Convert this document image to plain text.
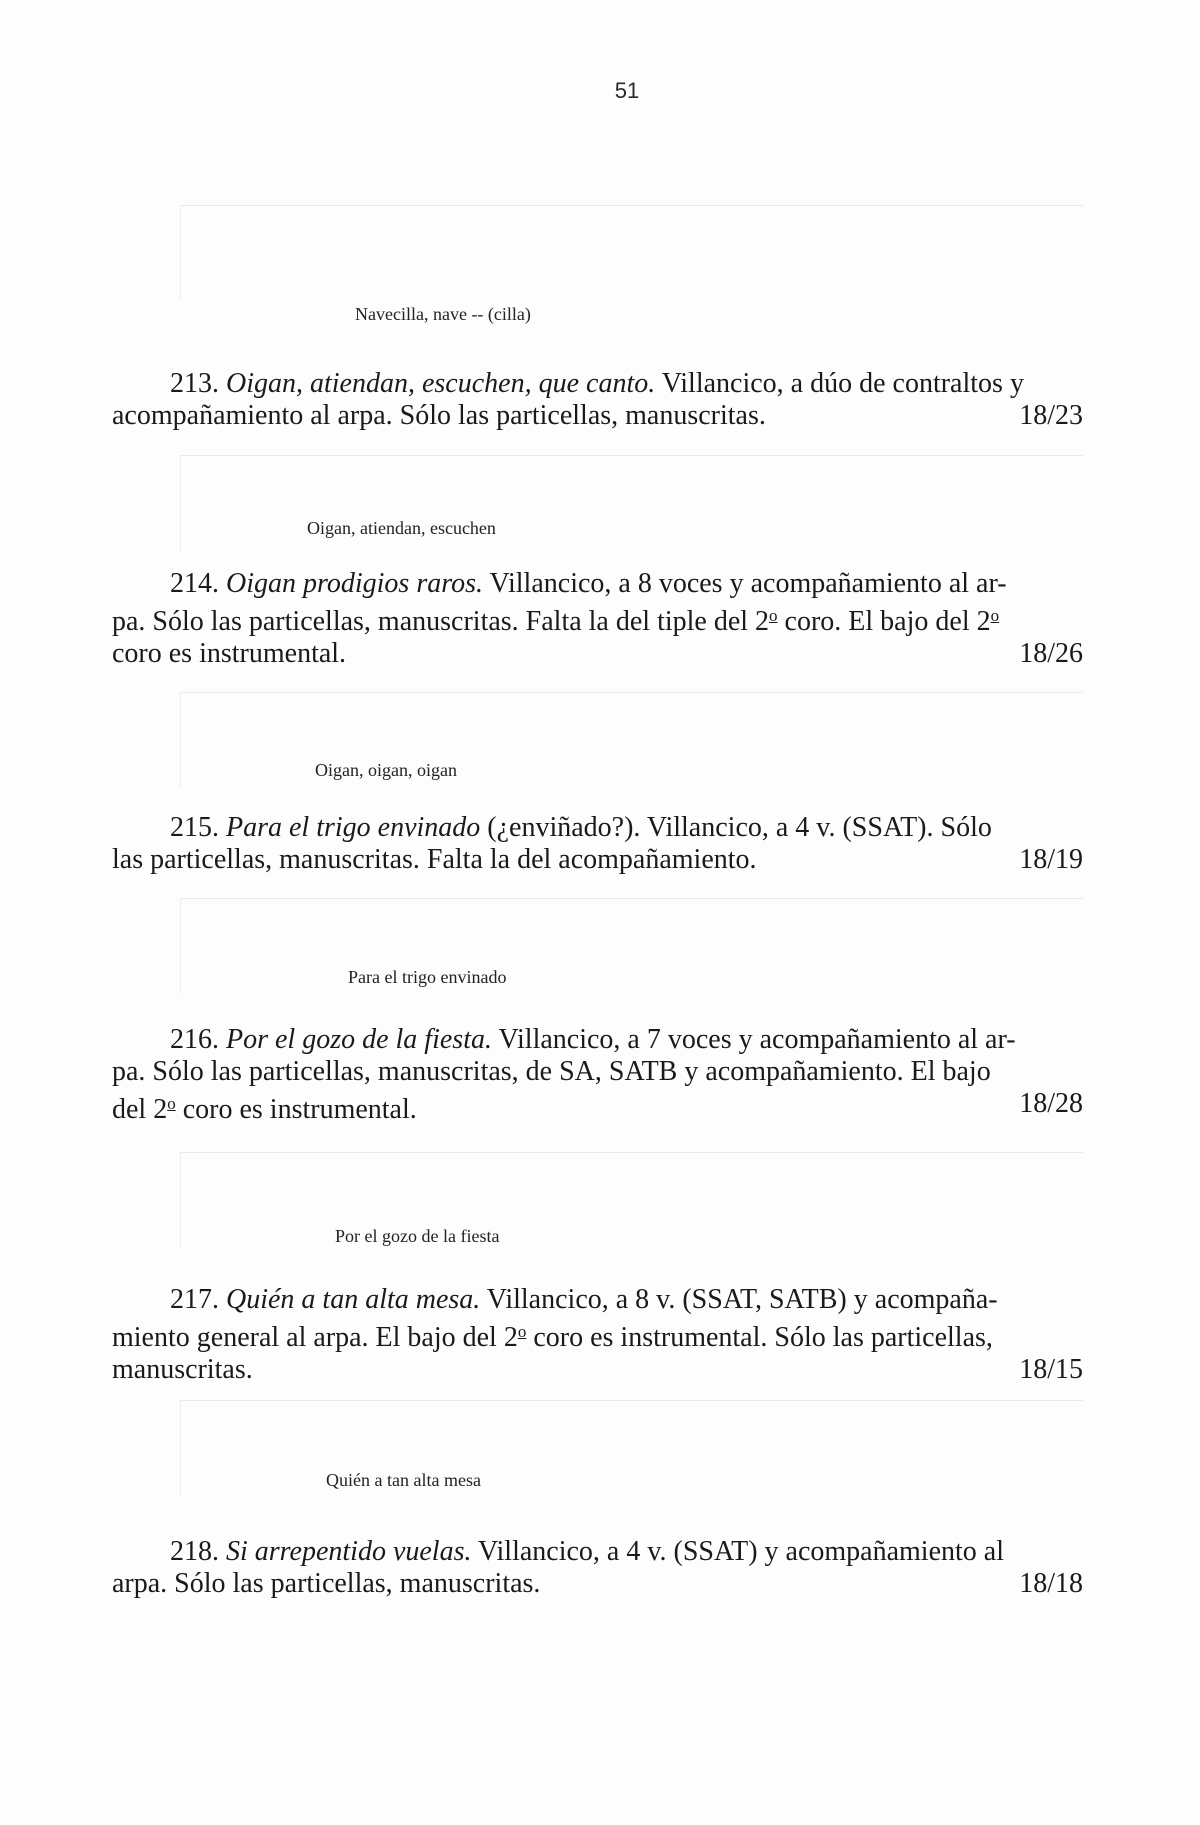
51
Navecilla, nave -- (cilla)
213. Oigan, atiendan, escuchen, que canto. Villancico, a dúo de contraltos y
acompañamiento al arpa. Sólo las particellas, manuscritas.	18/23
Oigan, atiendan, escuchen
214. Oigan prodigios raros. Villancico, a 8 voces y acompañamiento al ar-
pa. Sólo las particellas, manuscritas. Falta la del tiple del 2$^o$ coro. El bajo del 2$^o$
coro es instrumental.	18/26
Oigan, oigan, oigan
215. Para el trigo envinado (¿enviñado?). Villancico, a 4 v. (SSAT). Sólo
las particellas, manuscritas. Falta la del acompañamiento.	18/19
Para el trigo envinado
216. Por el gozo de la fiesta. Villancico, a 7 voces y acompañamiento al ar-
pa. Sólo las particellas, manuscritas, de SA, SATB y acompañamiento. El bajo
del 2$^o$ coro es instrumental.	18/28
Por el gozo de la fiesta
217. Quién a tan alta mesa. Villancico, a 8 v. (SSAT, SATB) y acompaña-
miento general al arpa. El bajo del 2$^o$ coro es instrumental. Sólo las particellas,
manuscritas.	18/15
Quién a tan alta mesa
218. Si arrepentido vuelas. Villancico, a 4 v. (SSAT) y acompañamiento al
arpa. Sólo las particellas, manuscritas.	18/18
